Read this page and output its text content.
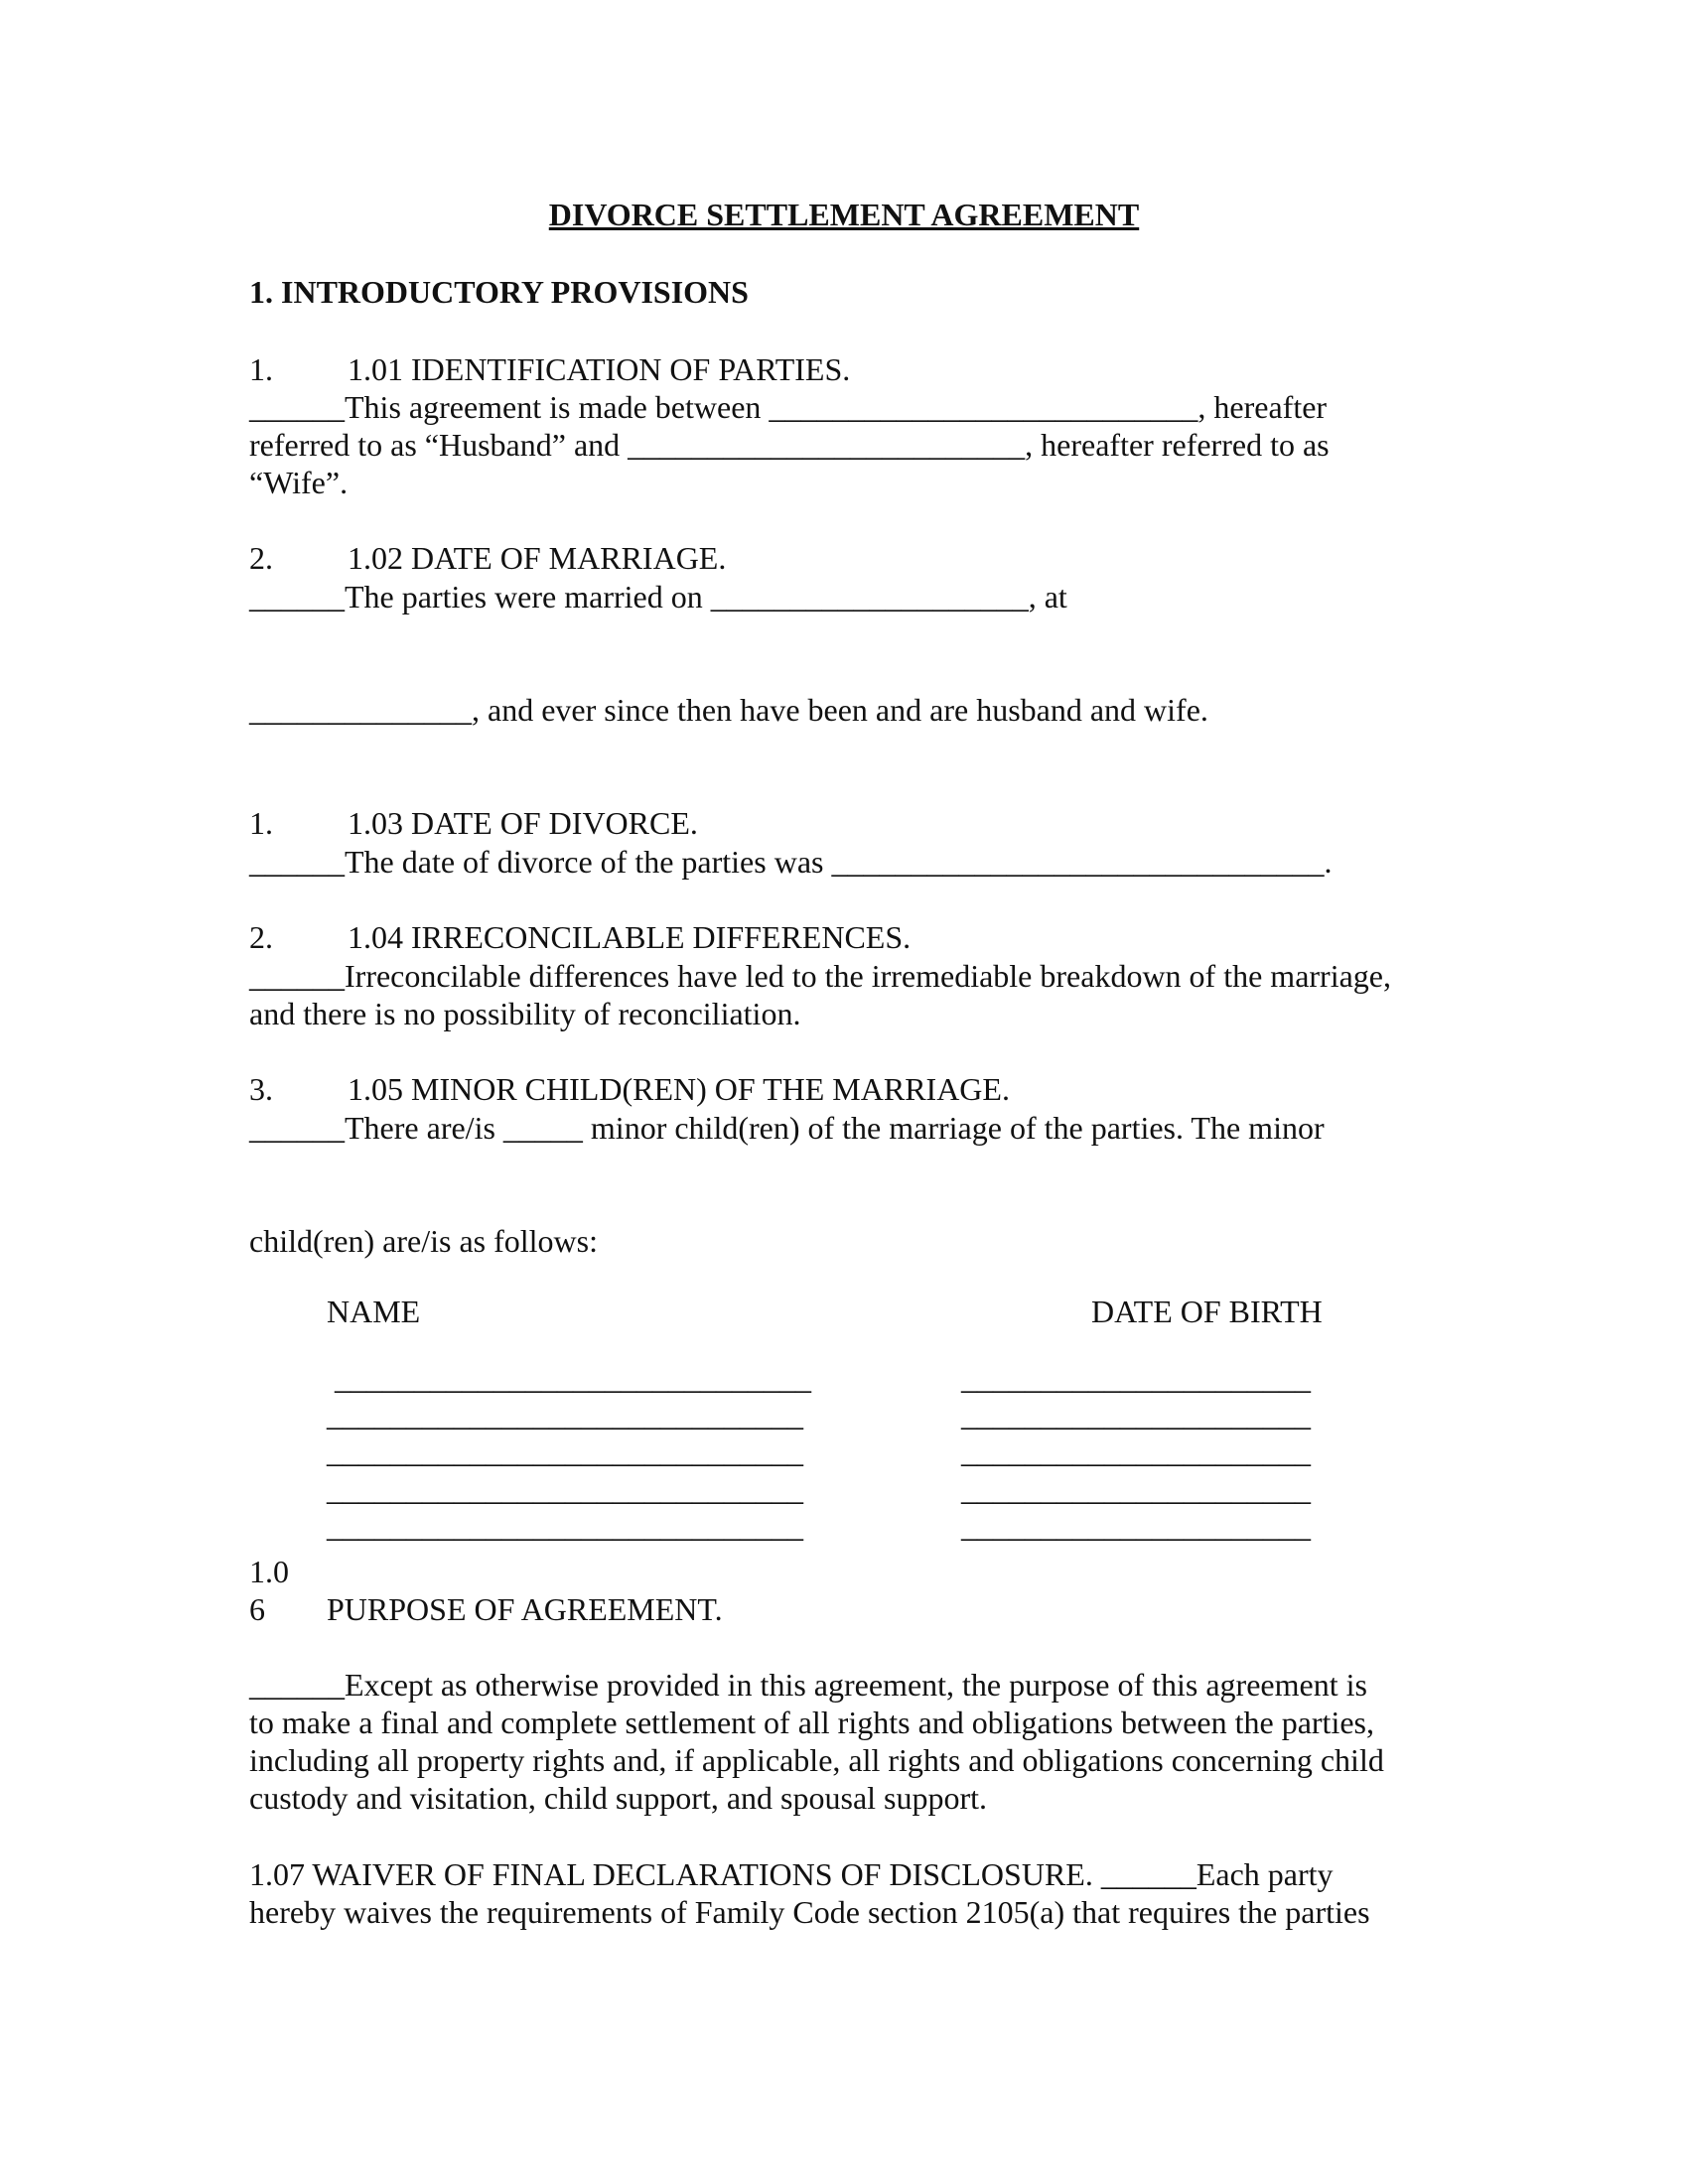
DIVORCE SETTLEMENT AGREEMENT
1. INTRODUCTORY PROVISIONS
1. 1.01 IDENTIFICATION OF PARTIES.
______This agreement is made between ___________________________, hereafter
referred to as “Husband” and _________________________, hereafter referred to as
“Wife”.
2. 1.02 DATE OF MARRIAGE.
______The parties were married on ____________________, at
______________, and ever since then have been and are husband and wife.
1. 1.03 DATE OF DIVORCE.
______The date of divorce of the parties was _______________________________.
2. 1.04 IRRECONCILABLE DIFFERENCES.
______Irreconcilable differences have led to the irremediable breakdown of the marriage,
and there is no possibility of reconciliation.
3. 1.05 MINOR CHILD(REN) OF THE MARRIAGE.
______There are/is _____ minor child(ren) of the marriage of the parties. The minor
child(ren) are/is as follows:
NAME	DATE OF BIRTH
______________________________	______________________
______________________________	______________________
______________________________	______________________
______________________________	______________________
______________________________	______________________
1.0
6 PURPOSE OF AGREEMENT.
______Except as otherwise provided in this agreement, the purpose of this agreement is
to make a final and complete settlement of all rights and obligations between the parties,
including all property rights and, if applicable, all rights and obligations concerning child
custody and visitation, child support, and spousal support.
1.07 WAIVER OF FINAL DECLARATIONS OF DISCLOSURE. ______Each party
hereby waives the requirements of Family Code section 2105(a) that requires the parties
